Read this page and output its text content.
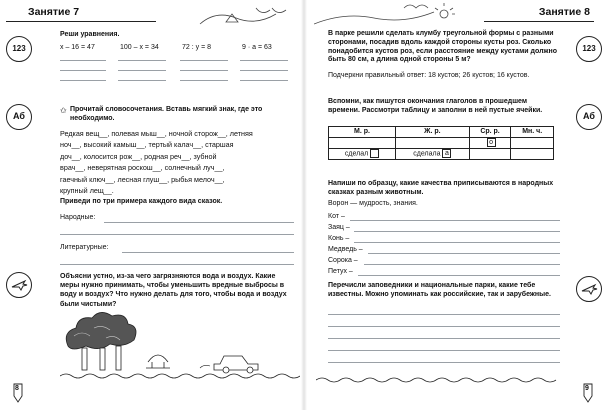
Занятие 7
123
Реши уравнения.
x – 16 = 47	100 – x = 34	72 : y = 8	9 · a = 63
Аб
✩ Прочитай словосочетания. Вставь мягкий знак, где это необходимо.
Редкая вещ__, полевая мыш__, ночной сторож__, летняя
ноч__, высокий камыш__, тертый калач__, старшая
доч__, колосится рож__, родная реч__, зубной
врач__, неверятная роскош__, солнечный луч__,
гаечный ключ__, лесная глуш__, рыбья мелоч__,
крупный лещ__.
Приведи по три примера каждого вида сказок.
Народные:
Литературные:
Объясни устно, из-за чего загрязняются вода и воздух. Какие меры нужно принимать, чтобы уменьшить вредные выбросы в воду и воздух? Что нужно делать для того, чтобы вода и воздух были чистыми?
8
Занятие 8
123
В парке решили сделать клумбу треугольной формы с разными сторонами, посадив вдоль каждой стороны кусты роз. Сколько понадобится кустов роз, если расстояние между кустами должно быть 80 см, а длина одной стороны 5 м?
Подчеркни правильный ответ: 18 кустов; 26 кустов; 16 кустов.
Аб
Вспомни, как пишутся окончания глаголов в прошедшем времени. Рассмотри таблицу и заполни в ней пустые ячейки.
М. р.	Ж. р.	Ср. р.	Мн. ч.
		о	
сделал	сделала а		
Напиши по образцу, какие качества приписываются в народных сказках разным животным.
Ворон — мудрость, знания.
Кот –
Заяц –
Конь –
Медведь –
Сорока –
Петух –
Перечисли заповедники и национальные парки, какие тебе известны. Можно упоминать как российские, так и зарубежные.
9
